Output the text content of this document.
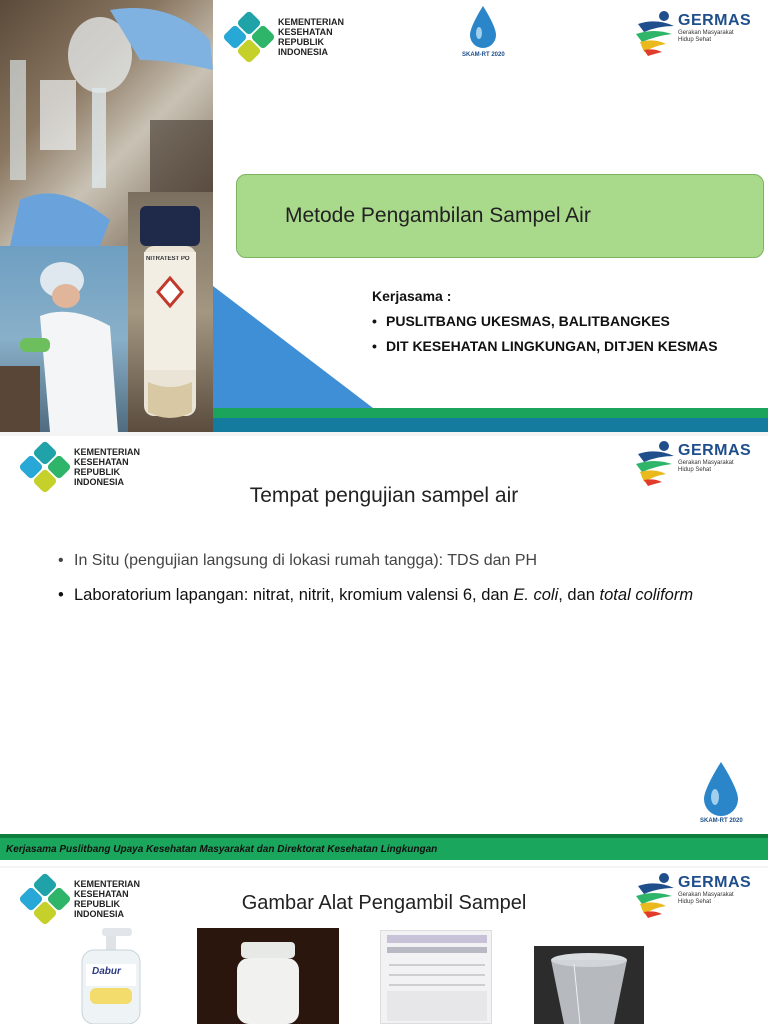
NITRATEST PO
KEMENTERIAN
KESEHATAN
REPUBLIK
INDONESIA	SKAM-RT 2020
GERMAS
Gerakan Masyarakat Hidup Sehat
Metode Pengambilan Sampel Air
Kerjasama :
• PUSLITBANG UKESMAS, BALITBANGKES
• DIT KESEHATAN LINGKUNGAN, DITJEN KESMAS
KEMENTERIAN
KESEHATAN
REPUBLIK
INDONESIA
GERMAS
Gerakan Masyarakat Hidup Sehat
Tempat pengujian sampel air
• In Situ (pengujian langsung di lokasi rumah tangga): TDS dan PH
• Laboratorium lapangan: nitrat, nitrit, kromium valensi 6, dan E. coli, dan total coliform
SKAM-RT 2020
Kerjasama Puslitbang Upaya Kesehatan Masyarakat dan Direktorat Kesehatan Lingkungan
KEMENTERIAN
KESEHATAN
REPUBLIK
INDONESIA
GERMAS
Gerakan Masyarakat Hidup Sehat
Gambar Alat Pengambil Sampel
Dabur
